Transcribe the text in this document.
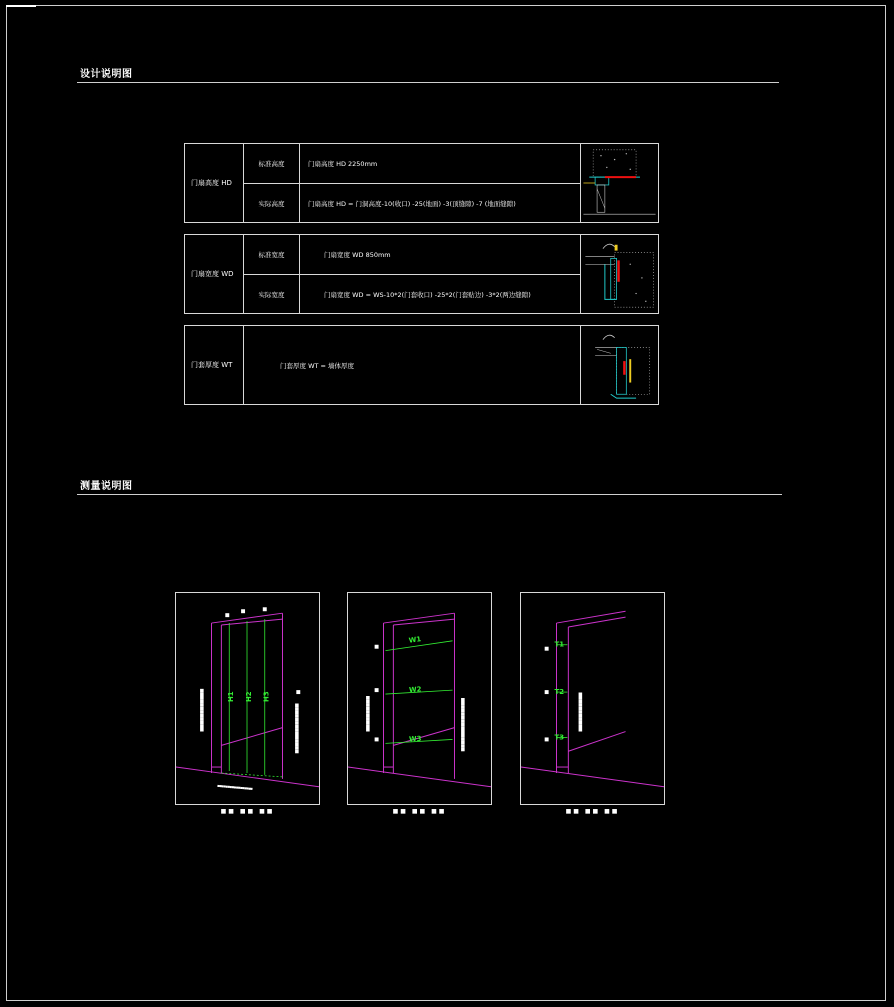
设计说明图
门扇高度 HD
标准高度	门扇高度 HD 2250mm
实际高度	门扇高度 HD = 门洞高度-10(收口) -25(地面) -3(顶缝隙) -7 (地面缝隙)
门扇宽度 WD
标准宽度	门扇宽度 WD 850mm
实际宽度	门扇宽度 WD = WS-10*2(门套收口) -25*2(门套贴边) -3*2(两边缝隙)
门套厚度 WT	门套厚度 WT = 墙体厚度
测量说明图
H1 H2 H3
■■■■■■■■■■■■	■■■■■■■■■■■■■■
■■■■■■■■■■■■■■■■■
■■ ■■ ■■
W1
W2
W3
■■■■■■■■■■	■■■■■■■■■■■■■■■
■■ ■■ ■■
T1
T2
T3
■■■■■■■■■■■
■■ ■■ ■■
